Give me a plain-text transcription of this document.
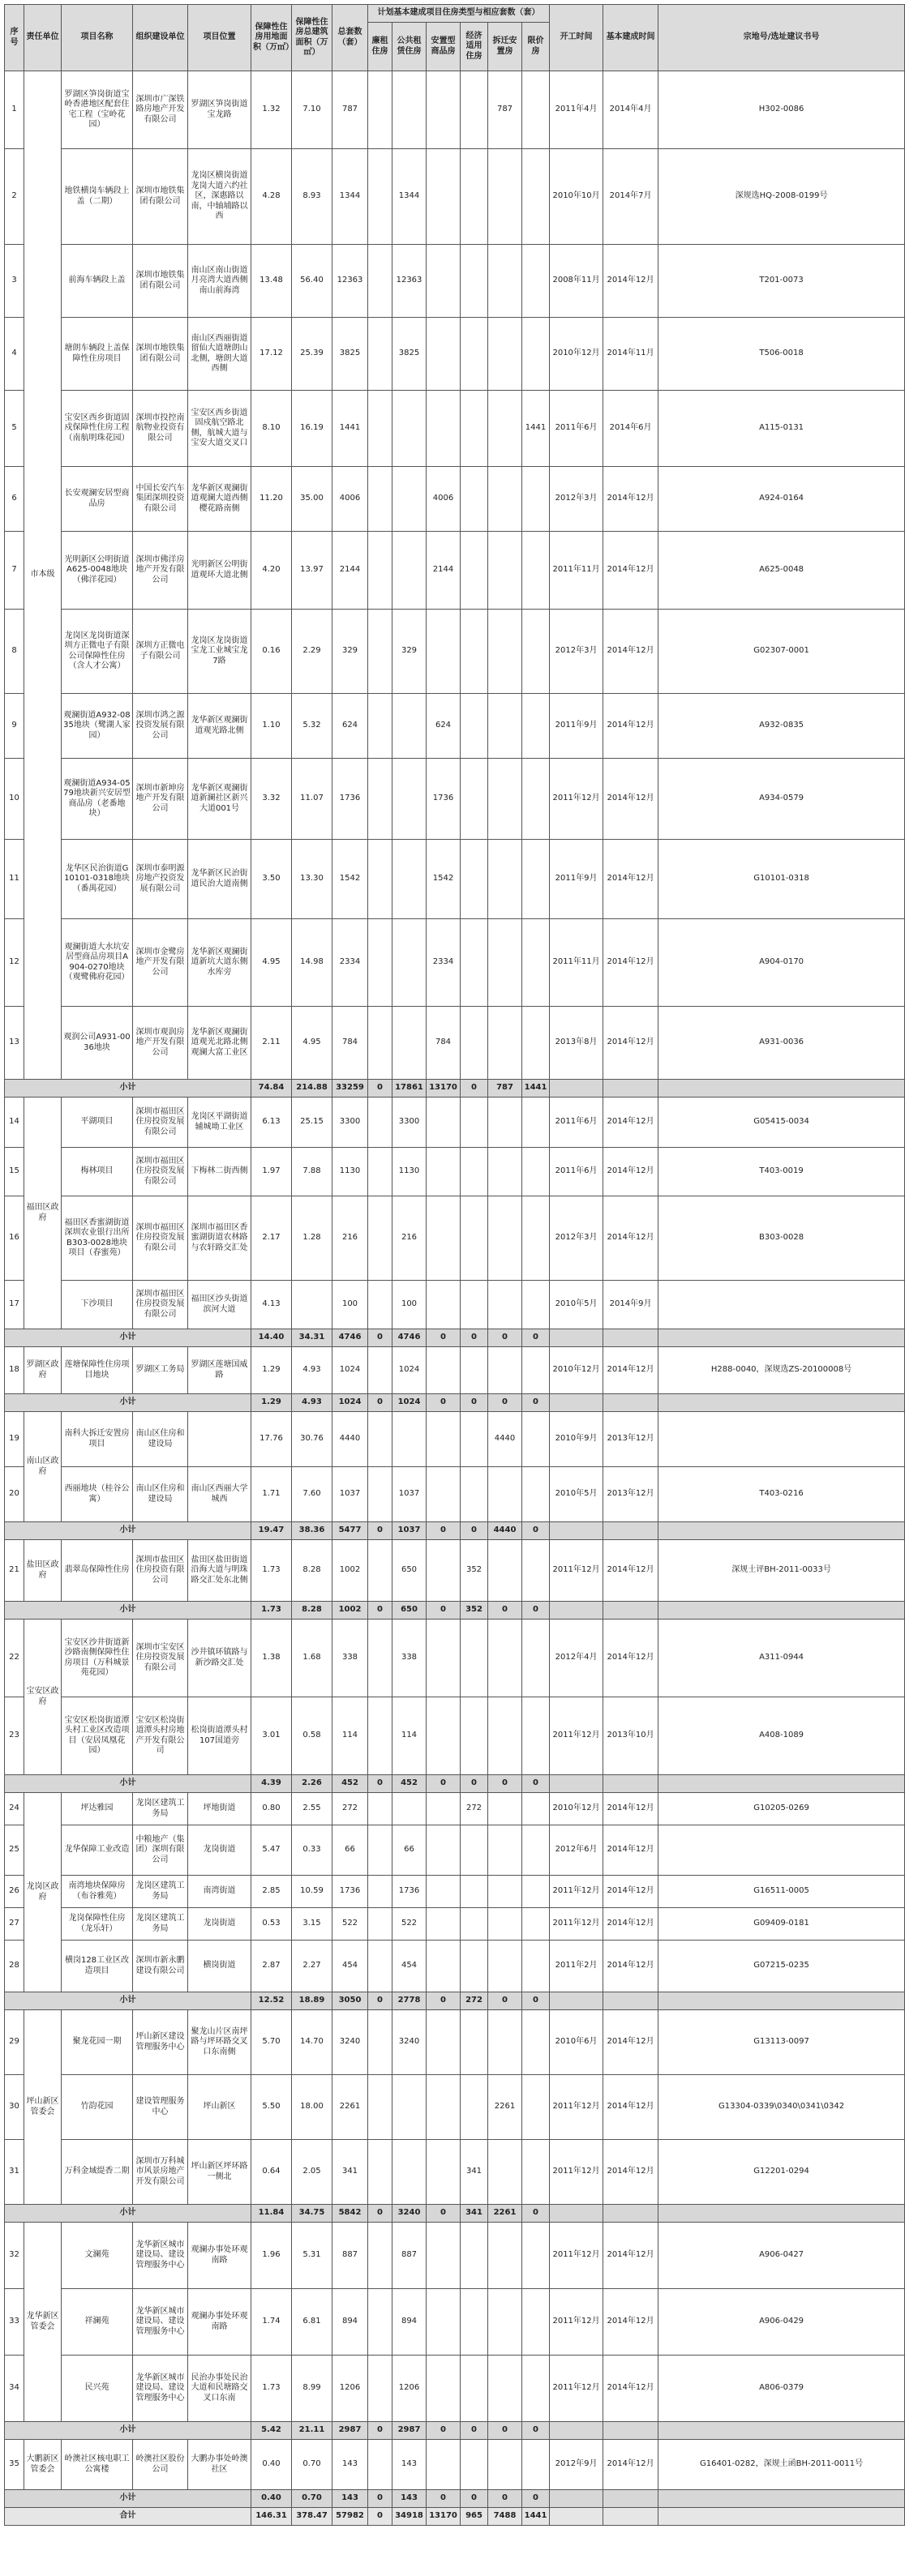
序号	责任单位	项目名称	组织建设单位	项目位置	保障性住房用地面积（万㎡）	保障性住房总建筑面积（万㎡）	总套数（套）	计划基本建成项目住房类型与相应套数（套）						开工时间	基本建成时间	宗地号/选址建议书号
								廉租住房	公共租赁住房	安置型商品房	经济适用住房	拆迁安置房	限价房			
1	市本级	罗湖区笋岗街道宝岭香港地区配套住宅工程（宝岭花园）	深圳市广深铁路房地产开发有限公司	罗湖区笋岗街道宝龙路	1.32	7.10	787					787		2011年4月	2014年4月	H302-0086
2		地铁横岗车辆段上盖（二期）	深圳市地铁集团有限公司	龙岗区横岗街道龙岗大道六约社区，深惠路以南，中轴埔路以西	4.28	8.93	1344		1344					2010年10月	2014年7月	深规选HQ-2008-0199号
3		前海车辆段上盖	深圳市地铁集团有限公司	南山区南山街道月亮湾大道西侧南山前海湾	13.48	56.40	12363		12363					2008年11月	2014年12月	T201-0073
4		塘朗车辆段上盖保障性住房项目	深圳市地铁集团有限公司	南山区西丽街道留仙大道塘朗山北侧，塘朗大道西侧	17.12	25.39	3825		3825					2010年12月	2014年11月	T506-0018
5		宝安区西乡街道固戍保障性住房工程（南航明珠花园）	深圳市投控南航物业投资有限公司	宝安区西乡街道固戍航空路北侧，航城大道与宝安大道交叉口	8.10	16.19	1441						1441	2011年6月	2014年6月	A115-0131
6		长安观澜安居型商品房	中国长安汽车集团深圳投资有限公司	龙华新区观澜街道观澜大道西侧樱花路南侧	11.20	35.00	4006			4006				2012年3月	2014年12月	A924-0164
7		光明新区公明街道A625-0048地块（佛洋花园）	深圳市佛洋房地产开发有限公司	光明新区公明街道观环大道北侧	4.20	13.97	2144			2144				2011年11月	2014年12月	A625-0048
8		龙岗区龙岗街道深圳方正微电子有限公司保障性住房（含人才公寓）	深圳方正微电子有限公司	龙岗区龙岗街道宝龙工业城宝龙7路	0.16	2.29	329		329					2012年3月	2014年12月	G02307-0001
9		观澜街道A932-0835地块（鹭湖人家园）	深圳市鸿之源投资发展有限公司	龙华新区观澜街道观光路北侧	1.10	5.32	624			624				2011年9月	2014年12月	A932-0835
10		观澜街道A934-0579地块新兴安居型商品房（老番地块）	深圳市新坤房地产开发有限公司	龙华新区观澜街道新澜社区新兴大道001号	3.32	11.07	1736			1736				2011年12月	2014年12月	A934-0579
11		龙华区民治街道G10101-0318地块（番禺花园）	深圳市泰明源房地产投资发展有限公司	龙华新区民治街道民治大道南侧	3.50	13.30	1542			1542				2011年9月	2014年12月	G10101-0318
12		观澜街道大水坑安居型商品房项目A904-0270地块（观鹭佛府花园）	深圳市金鹭房地产开发有限公司	龙华新区观澜街道新坑大道东侧水库旁	4.95	14.98	2334			2334				2011年11月	2014年12月	A904-0170
13		观润公司A931-0036地块	深圳市观润房地产开发有限公司	龙华新区观澜街道观光北路北侧观澜大富工业区	2.11	4.95	784			784				2013年8月	2014年12月	A931-0036
小计					74.84	214.88	33259	0	17861	13170	0	787	1441			
14	福田区政府	平湖项目	深圳市福田区住房投资发展有限公司	龙岗区平湖街道辅城坳工业区	6.13	25.15	3300		3300					2011年6月	2014年12月	G05415-0034
15		梅林项目	深圳市福田区住房投资发展有限公司	下梅林二街西侧	1.97	7.88	1130		1130					2011年6月	2014年12月	T403-0019
16		福田区香蜜湖街道深圳农业银行出所B303-0028地块项目（春蜜苑）	深圳市福田区住房投资发展有限公司	深圳市福田区香蜜湖街道农林路与农轩路交汇处	2.17	1.28	216		216					2012年3月	2014年12月	B303-0028
17		下沙项目	深圳市福田区住房投资发展有限公司	福田区沙头街道滨河大道	4.13		100		100					2010年5月	2014年9月	
小计					14.40	34.31	4746	0	4746	0	0	0	0			
18	罗湖区政府	莲塘保障性住房项目地块	罗湖区工务局	罗湖区莲塘国威路	1.29	4.93	1024		1024					2010年12月	2014年12月	H288-0040，深规选ZS-20100008号
小计					1.29	4.93	1024	0	1024	0	0	0	0			
19	南山区政府	南科大拆迁安置房项目	南山区住房和建设局		17.76	30.76	4440					4440		2010年9月	2013年12月	
20		西丽地块（桂谷公寓）	南山区住房和建设局	南山区西丽大学城西	1.71	7.60	1037		1037					2010年5月	2013年12月	T403-0216
小计					19.47	38.36	5477	0	1037	0	0	4440	0			
21	盐田区政府	翡翠岛保障性住房	深圳市盐田区住房投资有限公司	盐田区盐田街道沿海大道与明珠路交汇处东北侧	1.73	8.28	1002		650		352			2011年12月	2014年12月	深规土评BH-2011-0033号
小计					1.73	8.28	1002	0	650	0	352	0	0			
22	宝安区政府	宝安区沙井街道新沙路南侧保障性住房项目（万科城景苑花园）	深圳市宝安区住房投资发展有限公司	沙井镇环镇路与新沙路交汇处	1.38	1.68	338		338					2012年4月	2014年12月	A311-0944
23		宝安区松岗街道潭头村工业区改造项目（安居凤凰花园）	宝安区松岗街道潭头村房地产开发有限公司	松岗街道潭头村107国道旁	3.01	0.58	114		114					2011年12月	2013年10月	A408-1089
小计					4.39	2.26	452	0	452	0	0	0	0			
24	龙岗区政府	坪达雅园	龙岗区建筑工务局	坪地街道	0.80	2.55	272				272			2010年12月	2014年12月	G10205-0269
25		龙华保障工业改造	中粮地产（集团）深圳有限公司	龙岗街道	5.47	0.33	66		66					2012年6月	2014年12月	
26		南湾地块保障房（布谷雅苑）	龙岗区建筑工务局	南湾街道	2.85	10.59	1736		1736					2011年12月	2014年12月	G16511-0005
27		龙岗保障性住房（龙乐轩）	龙岗区建筑工务局	龙岗街道	0.53	3.15	522		522					2011年12月	2014年12月	G09409-0181
28		横岗128工业区改造项目	深圳市新永鹏建设有限公司	横岗街道	2.87	2.27	454		454					2011年2月	2014年12月	G07215-0235
小计					12.52	18.89	3050	0	2778	0	272	0	0			
29	坪山新区管委会	聚龙花园一期	坪山新区建设管理服务中心	聚龙山片区南坪路与坪环路交叉口东南侧	5.70	14.70	3240		3240					2010年6月	2014年12月	G13113-0097
30		竹韵花园	建设管理服务中心	坪山新区	5.50	18.00	2261					2261		2011年12月	2014年12月	G13304-0339\0340\0341\0342
31		万科金域缇香二期	深圳市万科城市风景房地产开发有限公司	坪山新区坪环路一侧北	0.64	2.05	341				341			2011年12月	2014年12月	G12201-0294
小计					11.84	34.75	5842	0	3240	0	341	2261	0			
32	龙华新区管委会	文澜苑	龙华新区城市建设局、建设管理服务中心	观澜办事处环观南路	1.96	5.31	887		887					2011年12月	2014年12月	A906-0427
33		祥澜苑	龙华新区城市建设局、建设管理服务中心	观澜办事处环观南路	1.74	6.81	894		894					2011年12月	2014年12月	A906-0429
34		民兴苑	龙华新区城市建设局、建设管理服务中心	民治办事处民治大道和民塘路交叉口东南	1.73	8.99	1206		1206					2011年12月	2014年12月	A806-0379
小计					5.42	21.11	2987	0	2987	0	0	0	0			
35	大鹏新区管委会	岭澳社区核电职工公寓楼	岭澳社区股份公司	大鹏办事处岭澳社区	0.40	0.70	143		143					2012年9月	2014年12月	G16401-0282，深规土函BH-2011-0011号
小计					0.40	0.70	143	0	143	0	0	0	0			
合计					146.31	378.47	57982	0	34918	13170	965	7488	1441			
